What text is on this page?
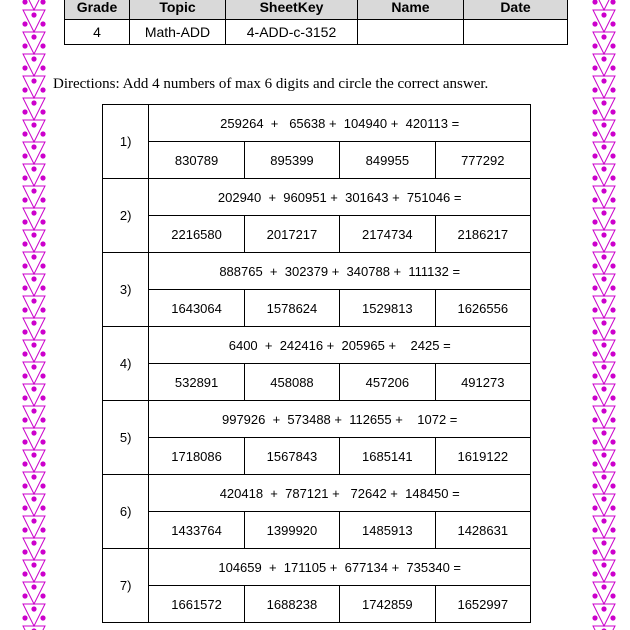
Grade	Topic	SheetKey	Name	Date
4	Math-ADD	4-ADD-c-3152		
Directions: Add 4 numbers of max 6 digits and circle the correct answer.
1)	259264  +   65638 +  104940 +  420113 =			
	830789	895399	849955	777292
2)	202940  +  960951 +  301643 +  751046 =			
	2216580	2017217	2174734	2186217
3)	888765  +  302379 +  340788 +  111132 =			
	1643064	1578624	1529813	1626556
4)	6400  +  242416 +  205965 +    2425 =			
	532891	458088	457206	491273
5)	997926  +  573488 +  112655 +    1072 =			
	1718086	1567843	1685141	1619122
6)	420418  +  787121 +   72642 +  148450 =			
	1433764	1399920	1485913	1428631
7)	104659  +  171105 +  677134 +  735340 =			
	1661572	1688238	1742859	1652997
